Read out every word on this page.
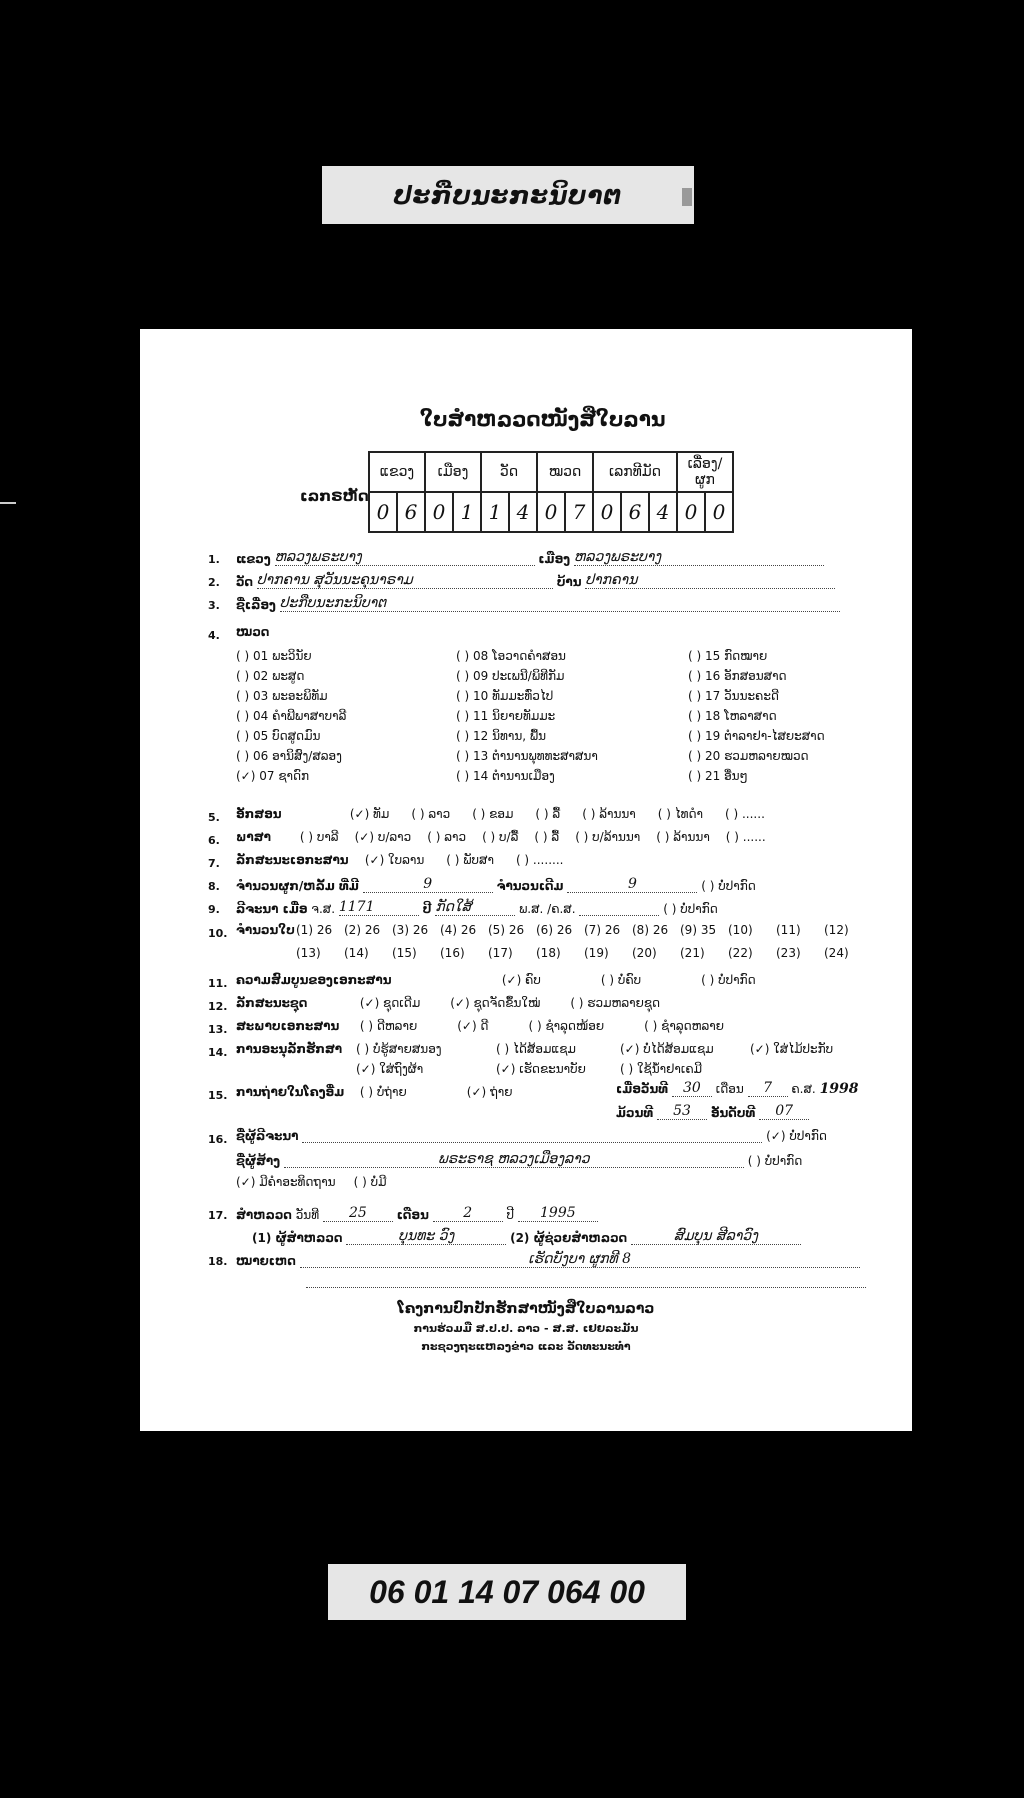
ປະກືບນະກະນິບາຕ
ໃບສຳຫລວດໜັງສືໃບລານ
ເລກຣຫັດ
ແຂວງ		ເມືອງ		ວັດ		ໝວດ		ເລກທີມັດ			ເລື່ອງ/ຜູກ	
0	6	0	1	1	4	0	7	0	6	4	0	0
1. ແຂວງ ຫລວງພຣະບາງ	ເມືອງ ຫລວງພຣະບາງ
2. ວັດ ປາກຄານ ສຸວັນນະຄຸນາຣາມ	ບ້ານ ປາກຄານ
3. ຊື່ເລື່ອງ ປະກືບນະກະນິບາຕ
4. ໝວດ
( ) 01 ພະວິນັຍ	( ) 08 ໂອວາດຄຳສອນ	( ) 15 ກົດໝາຍ
( ) 02 ພະສູດ	( ) 09 ປະເພນີ/ພິທີກັມ	( ) 16 ອັກສອນສາດ
( ) 03 ພະອະພິທັມ	( ) 10 ທັມມະທົ່ວໄປ	( ) 17 ວັນນະຄະດີ
( ) 04 ຄຳພີພາສາບາລີ	( ) 11 ນິຍາຍທັມມະ	( ) 18 ໂຫລາສາດ
( ) 05 ບົດສູດມົນ	( ) 12 ນິທານ, ພື້ນ	( ) 19 ຕຳລາຢາ-ໄສຍະສາດ
( ) 06 ອານິສົງ/ສລອງ	( ) 13 ຕຳນານພຸທທະສາສນາ	( ) 20 ຮວມຫລາຍໝວດ
(✓) 07 ຊາດົກ	( ) 14 ຕຳນານເມືອງ	( ) 21 ອື່ນໆ
5. ອັກສອນ	(✓) ທັມ ( ) ລາວ ( ) ຂອມ ( ) ລື້ ( ) ລ້ານນາ ( ) ໄທດຳ ( ) ......
6. ພາສາ ( ) ບາລີ (✓) ບ/ລາວ ( ) ລາວ ( ) ບ/ລື້ ( ) ລື້ ( ) ບ/ລ້ານນາ ( ) ລ້ານນາ ( ) ......
7. ລັກສະນະເອກະສານ (✓) ໃບລານ ( ) ພັບສາ ( ) ........
8. ຈຳນວນຜູກ/ຫລັ້ມ ທີ່ມີ	9	ຈຳນວນເດີມ	9	( ) ບໍ່ປາກົດ
9. ລີຈະນາ ເມື່ອ ຈ.ສ. 1171	ປີ ກັດໃສ້	ພ.ສ. /ຄ.ສ.	( ) ບໍ່ປາກົດ
10. ຈຳນວນໃບ (1) 26 (2) 26 (3) 26 (4) 26 (5) 26 (6) 26 (7) 26 (8) 26 (9) 35 (10)	(11)	(12)
(13)	(14)	(15)	(16)	(17)	(18)	(19)	(20)	(21)	(22)	(23)	(24)
11. ຄວາມສົມບູນຂອງເອກະສານ	(✓) ຄົບ	( ) ບໍ່ຄົບ	( ) ບໍ່ປາກົດ
12. ລັກສະນະຊຸດ	(✓) ຊຸດເດີມ	(✓) ຊຸດຈັດຂຶ້ນໃໝ່	( ) ຮວມຫລາຍຊຸດ
13. ສະພາບເອກະສານ ( ) ດີຫລາຍ	(✓) ດີ	( ) ຊຳລຸດໜ້ອຍ	( ) ຊຳລຸດຫລາຍ
14. ການອະນຸລັກຮັກສາ	( ) ບໍ່ຮູ້ສາຍສນອງ	( ) ໄດ້ສ້ອມແຊມ	(✓) ບໍ່ໄດ້ສ້ອມແຊມ	(✓) ໃສ່ໄມ້ປະກັບ
(✓) ໃສ່ຖົງຜ້າ	(✓) ເຮັດຂະນາບັຍ	( ) ໃຊ້ນ້ຳຢາເຄມີ
15. ການຖ່າຍໃນໂຄງອື່ມ ( ) ບໍ່ຖ່າຍ	(✓) ຖ່າຍ	ເມື່ອວັນທີ 30 ເດືອນ 7 ຄ.ສ. 1998
ມ້ວນທີ 53 ອັນດັບທີ 07
16. ຊື່ຜູ້ລີຈະນາ	(✓) ບໍ່ປາກົດ
ຊື່ຜູ້ສ້າງ	ພຣະຣາຊ ຫລວງເມືອງລາວ	( ) ບໍ່ປາກົດ
(✓) ມີຄຳອະທິດຖານ ( ) ບໍ່ມີ
17. ສຳຫລວດ ວັນທີ 25 ເດືອນ 2	ປີ 1995
(1) ຜູ້ສຳຫລວດ	ບຸນທະ ວົງ	(2) ຜູ້ຊ່ວຍສຳຫລວດ	ສົມບຸນ ສີລາວົງ
18. ໝາຍເຫດ	ເຮັດບັງບາ ຜູກທີ 8
ໂຄງການປົກປັກຮັກສາໜັງສືໃບລານລາວ
ການຮ່ວມມື ສ.ປ.ປ. ລາວ - ສ.ສ. ເຢຍລະມັນ
ກະຊວງຖະແຫລງຂ່າວ ແລະ ວັດທະນະທຳ
06 01 14 07 064 00
